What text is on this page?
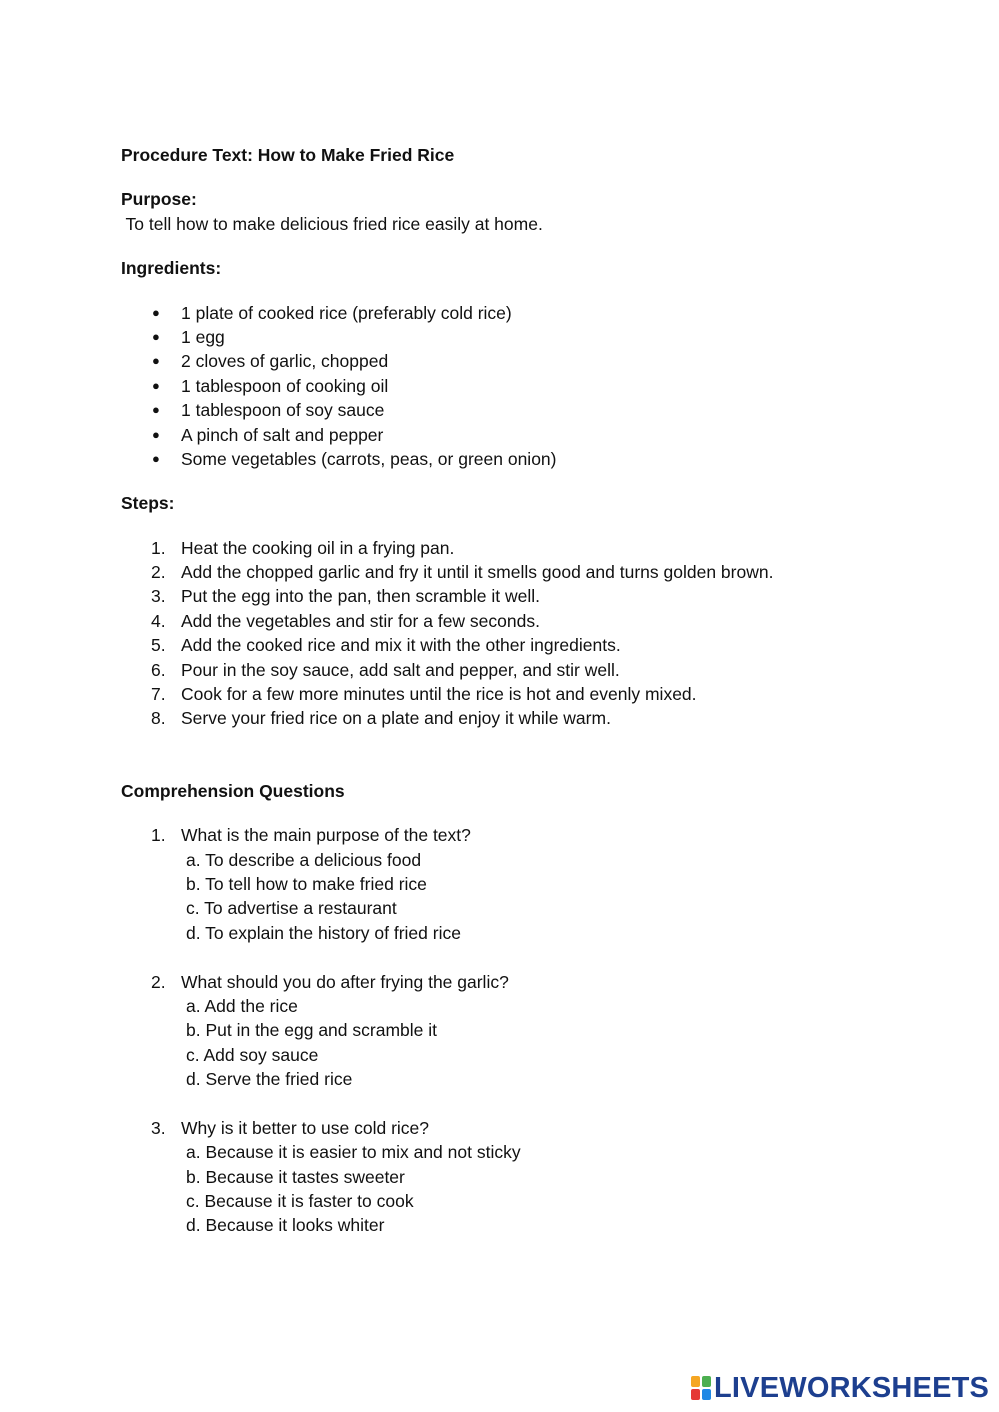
Procedure Text: How to Make Fried Rice
Purpose:
To tell how to make delicious fried rice easily at home.
Ingredients:
●	1 plate of cooked rice (preferably cold rice)
●	1 egg
●	2 cloves of garlic, chopped
●	1 tablespoon of cooking oil
●	1 tablespoon of soy sauce
●	A pinch of salt and pepper
●	Some vegetables (carrots, peas, or green onion)
Steps:
1. Heat the cooking oil in a frying pan.
2. Add the chopped garlic and fry it until it smells good and turns golden brown.
3. Put the egg into the pan, then scramble it well.
4. Add the vegetables and stir for a few seconds.
5. Add the cooked rice and mix it with the other ingredients.
6. Pour in the soy sauce, add salt and pepper, and stir well.
7. Cook for a few more minutes until the rice is hot and evenly mixed.
8. Serve your fried rice on a plate and enjoy it while warm.
Comprehension Questions
1. What is the main purpose of the text?
a. To describe a delicious food
b. To tell how to make fried rice
c. To advertise a restaurant
d. To explain the history of fried rice
2. What should you do after frying the garlic?
a. Add the rice
b. Put in the egg and scramble it
c. Add soy sauce
d. Serve the fried rice
3. Why is it better to use cold rice?
a. Because it is easier to mix and not sticky
b. Because it tastes sweeter
c. Because it is faster to cook
d. Because it looks whiter
LIVEWORKSHEETS
